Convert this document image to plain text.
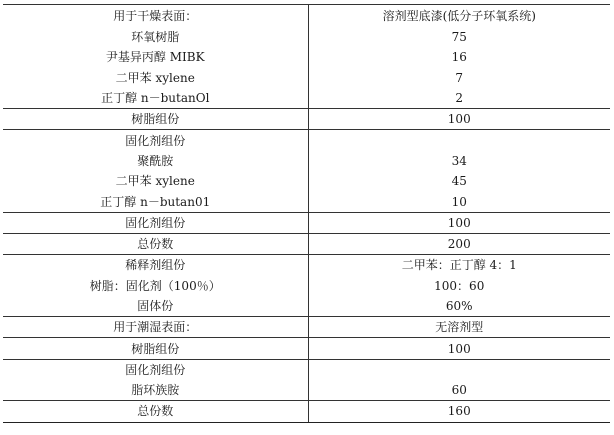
用于干燥表面：	溶剂型底漆(低分子环氧系统)
环氧树脂	75
尹基异丙醇 MIBK	16
二甲苯 xylene	7
正丁醇 n－butanOl	2
树脂组份	100
固化剂组份	
聚酰胺	34
二甲苯 xylene	45
正丁醇 n－butan01	10
固化剂组份	100
总份数	200
稀释剂组份	二甲苯：正丁醇 4：1
树脂：固化剂（100％）	100：60
固体份	60%
用于潮湿表面：	无溶剂型
树脂组份	100
固化剂组份	
脂环族胺	60
总份数	160
